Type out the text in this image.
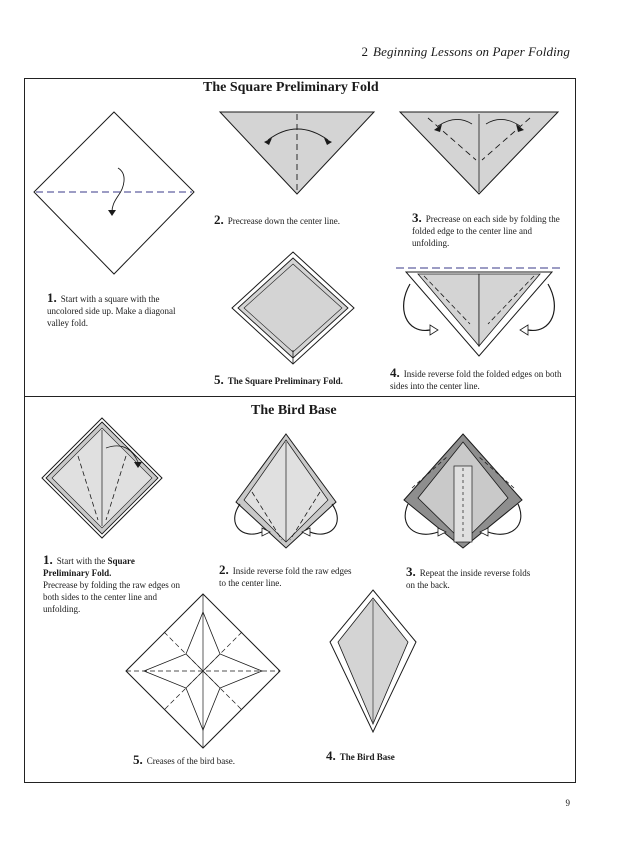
2 Beginning Lessons on Paper Folding
The Square Preliminary Fold
1. Start with a square with the uncolored side up. Make a diagonal valley fold.
2. Precrease down the center line.	3. Precrease on each side by folding the folded edge to the center line and unfolding.
5. The Square Preliminary Fold.
4. Inside reverse fold the folded edges on both sides into the center line.
The Bird Base
1. Start with the Square Preliminary Fold.
Precrease by folding the raw edges on both sides to the center line and unfolding.
2. Inside reverse fold the raw edges to the center line.
3. Repeat the inside reverse folds on the back.
5. Creases of the bird base.	4. The Bird Base
9
